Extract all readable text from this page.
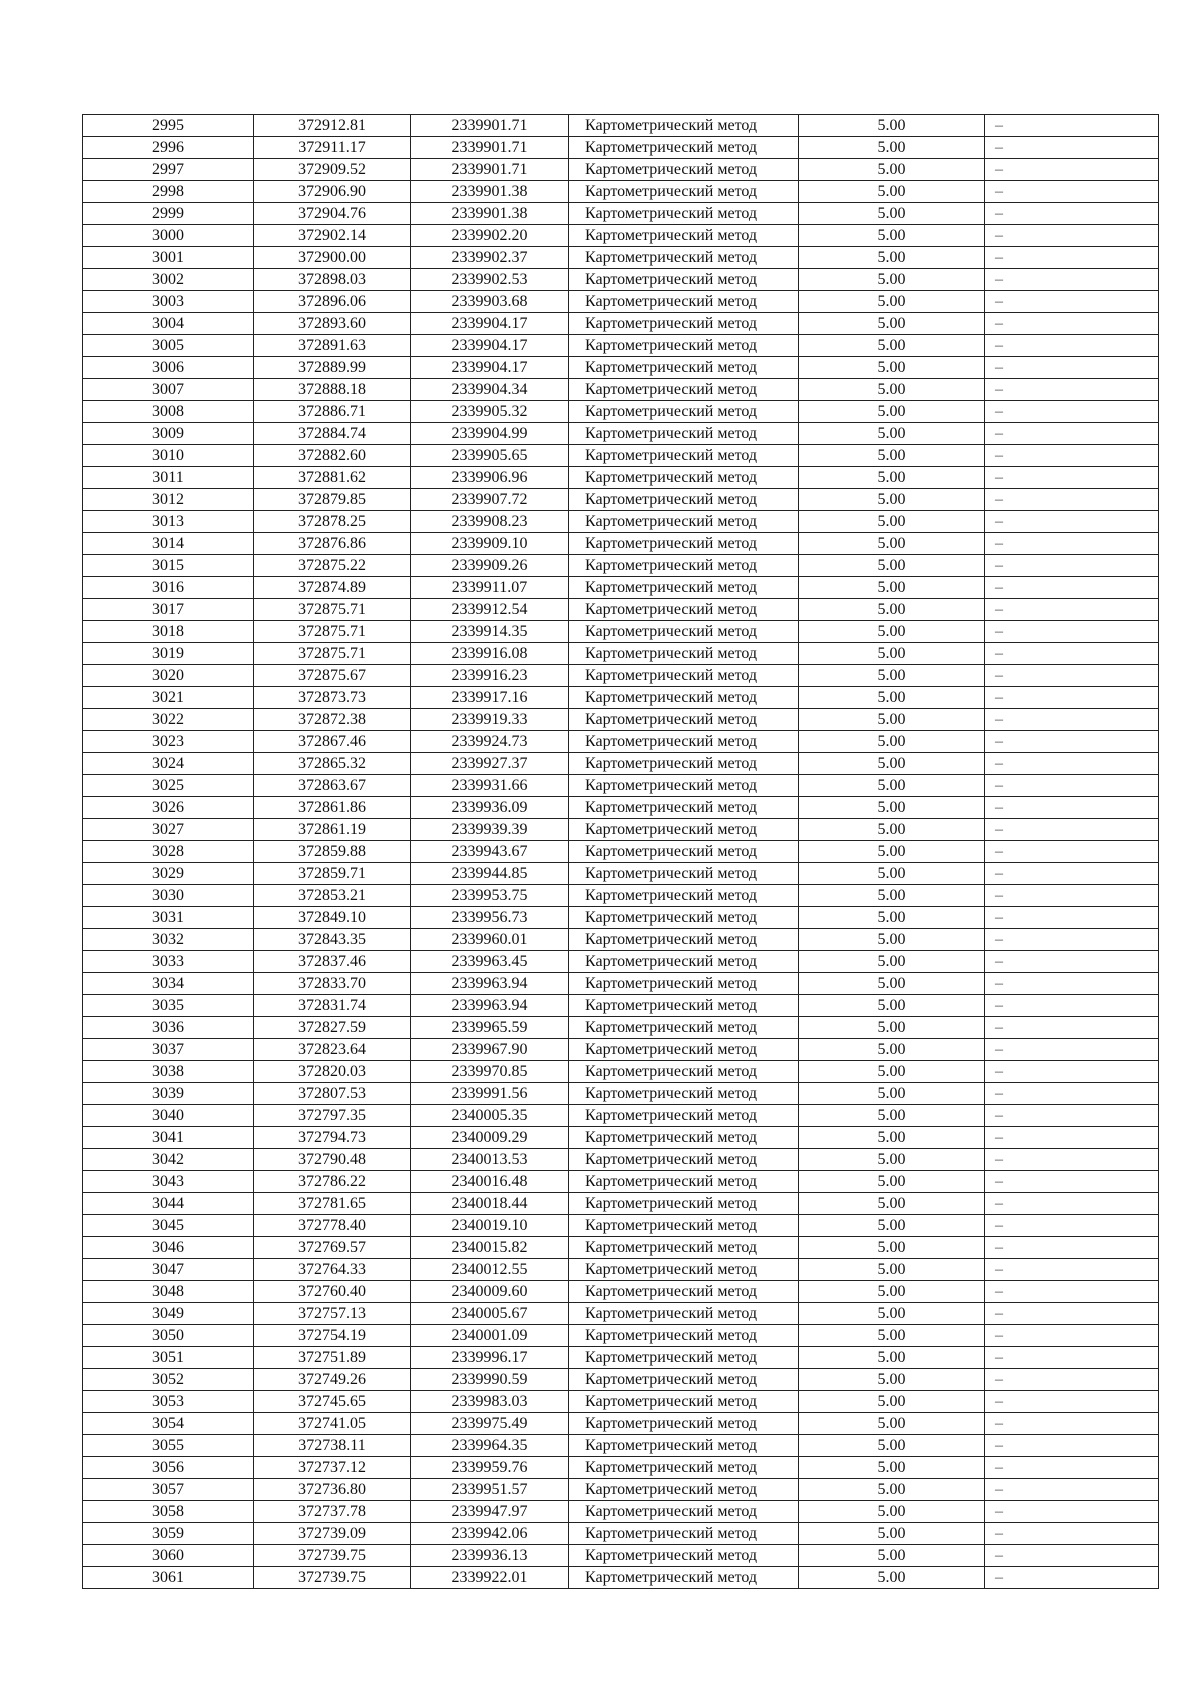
2995	372912.81	2339901.71	Картометрический метод	5.00	–
2996	372911.17	2339901.71	Картометрический метод	5.00	–
2997	372909.52	2339901.71	Картометрический метод	5.00	–
2998	372906.90	2339901.38	Картометрический метод	5.00	–
2999	372904.76	2339901.38	Картометрический метод	5.00	–
3000	372902.14	2339902.20	Картометрический метод	5.00	–
3001	372900.00	2339902.37	Картометрический метод	5.00	–
3002	372898.03	2339902.53	Картометрический метод	5.00	–
3003	372896.06	2339903.68	Картометрический метод	5.00	–
3004	372893.60	2339904.17	Картометрический метод	5.00	–
3005	372891.63	2339904.17	Картометрический метод	5.00	–
3006	372889.99	2339904.17	Картометрический метод	5.00	–
3007	372888.18	2339904.34	Картометрический метод	5.00	–
3008	372886.71	2339905.32	Картометрический метод	5.00	–
3009	372884.74	2339904.99	Картометрический метод	5.00	–
3010	372882.60	2339905.65	Картометрический метод	5.00	–
3011	372881.62	2339906.96	Картометрический метод	5.00	–
3012	372879.85	2339907.72	Картометрический метод	5.00	–
3013	372878.25	2339908.23	Картометрический метод	5.00	–
3014	372876.86	2339909.10	Картометрический метод	5.00	–
3015	372875.22	2339909.26	Картометрический метод	5.00	–
3016	372874.89	2339911.07	Картометрический метод	5.00	–
3017	372875.71	2339912.54	Картометрический метод	5.00	–
3018	372875.71	2339914.35	Картометрический метод	5.00	–
3019	372875.71	2339916.08	Картометрический метод	5.00	–
3020	372875.67	2339916.23	Картометрический метод	5.00	–
3021	372873.73	2339917.16	Картометрический метод	5.00	–
3022	372872.38	2339919.33	Картометрический метод	5.00	–
3023	372867.46	2339924.73	Картометрический метод	5.00	–
3024	372865.32	2339927.37	Картометрический метод	5.00	–
3025	372863.67	2339931.66	Картометрический метод	5.00	–
3026	372861.86	2339936.09	Картометрический метод	5.00	–
3027	372861.19	2339939.39	Картометрический метод	5.00	–
3028	372859.88	2339943.67	Картометрический метод	5.00	–
3029	372859.71	2339944.85	Картометрический метод	5.00	–
3030	372853.21	2339953.75	Картометрический метод	5.00	–
3031	372849.10	2339956.73	Картометрический метод	5.00	–
3032	372843.35	2339960.01	Картометрический метод	5.00	–
3033	372837.46	2339963.45	Картометрический метод	5.00	–
3034	372833.70	2339963.94	Картометрический метод	5.00	–
3035	372831.74	2339963.94	Картометрический метод	5.00	–
3036	372827.59	2339965.59	Картометрический метод	5.00	–
3037	372823.64	2339967.90	Картометрический метод	5.00	–
3038	372820.03	2339970.85	Картометрический метод	5.00	–
3039	372807.53	2339991.56	Картометрический метод	5.00	–
3040	372797.35	2340005.35	Картометрический метод	5.00	–
3041	372794.73	2340009.29	Картометрический метод	5.00	–
3042	372790.48	2340013.53	Картометрический метод	5.00	–
3043	372786.22	2340016.48	Картометрический метод	5.00	–
3044	372781.65	2340018.44	Картометрический метод	5.00	–
3045	372778.40	2340019.10	Картометрический метод	5.00	–
3046	372769.57	2340015.82	Картометрический метод	5.00	–
3047	372764.33	2340012.55	Картометрический метод	5.00	–
3048	372760.40	2340009.60	Картометрический метод	5.00	–
3049	372757.13	2340005.67	Картометрический метод	5.00	–
3050	372754.19	2340001.09	Картометрический метод	5.00	–
3051	372751.89	2339996.17	Картометрический метод	5.00	–
3052	372749.26	2339990.59	Картометрический метод	5.00	–
3053	372745.65	2339983.03	Картометрический метод	5.00	–
3054	372741.05	2339975.49	Картометрический метод	5.00	–
3055	372738.11	2339964.35	Картометрический метод	5.00	–
3056	372737.12	2339959.76	Картометрический метод	5.00	–
3057	372736.80	2339951.57	Картометрический метод	5.00	–
3058	372737.78	2339947.97	Картометрический метод	5.00	–
3059	372739.09	2339942.06	Картометрический метод	5.00	–
3060	372739.75	2339936.13	Картометрический метод	5.00	–
3061	372739.75	2339922.01	Картометрический метод	5.00	–
